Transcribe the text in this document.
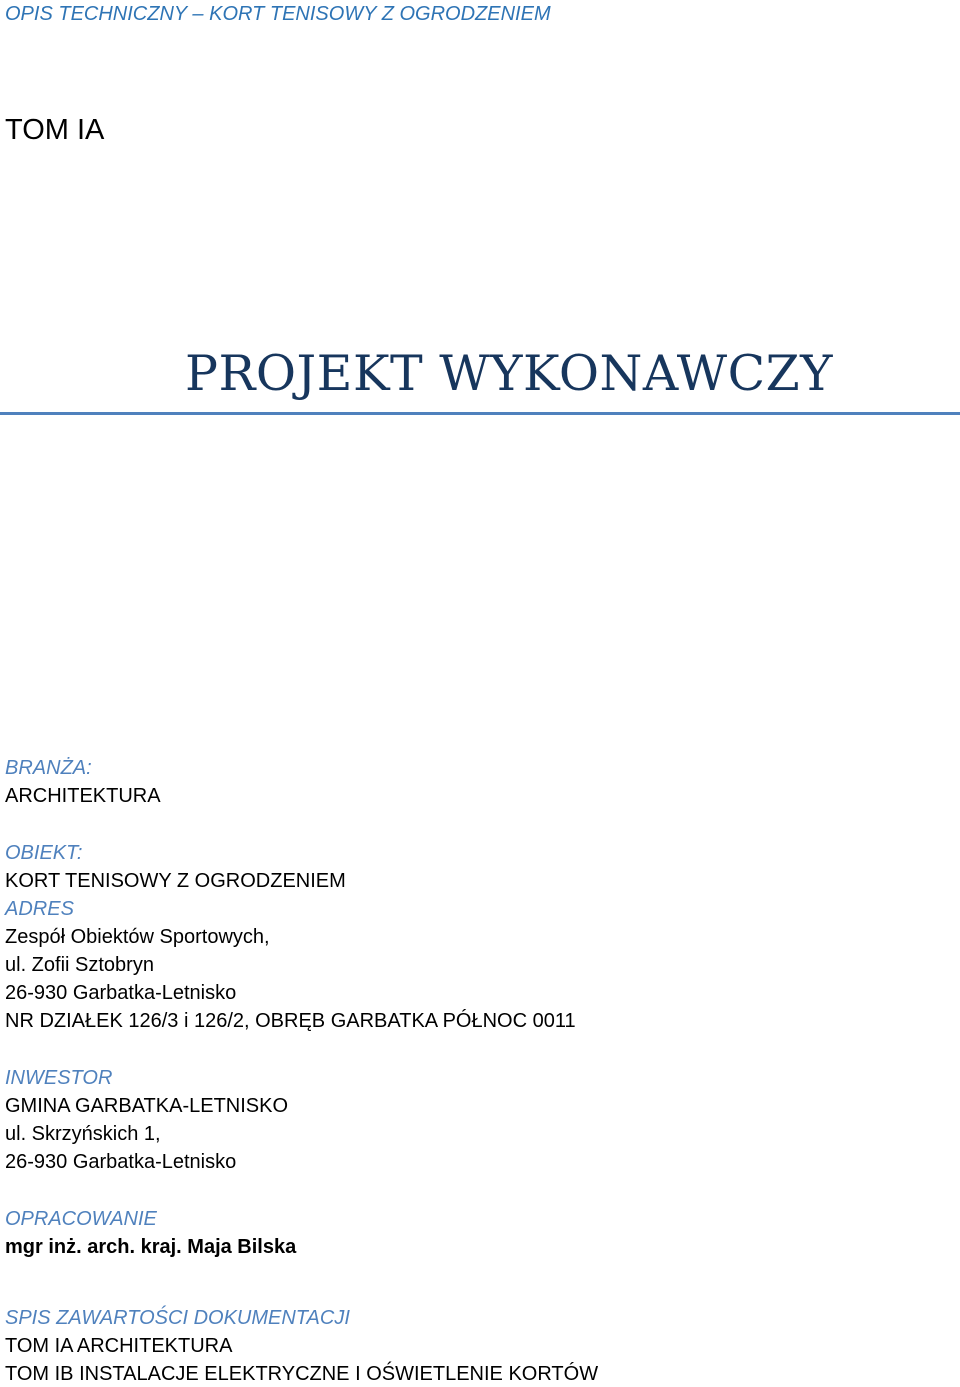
OPIS TECHNICZNY – KORT TENISOWY Z OGRODZENIEM
TOM IA
PROJEKT WYKONAWCZY
BRANŻA:
ARCHITEKTURA
OBIEKT:
KORT TENISOWY Z OGRODZENIEM
ADRES
Zespół Obiektów Sportowych,
ul. Zofii Sztobryn
26-930 Garbatka-Letnisko
NR DZIAŁEK 126/3 i 126/2, OBRĘB GARBATKA PÓŁNOC 0011
INWESTOR
GMINA GARBATKA-LETNISKO
ul. Skrzyńskich 1,
26-930 Garbatka-Letnisko
OPRACOWANIE
mgr inż. arch. kraj. Maja Bilska
SPIS ZAWARTOŚCI DOKUMENTACJI
TOM IA ARCHITEKTURA
TOM IB INSTALACJE ELEKTRYCZNE I OŚWIETLENIE KORTÓW
